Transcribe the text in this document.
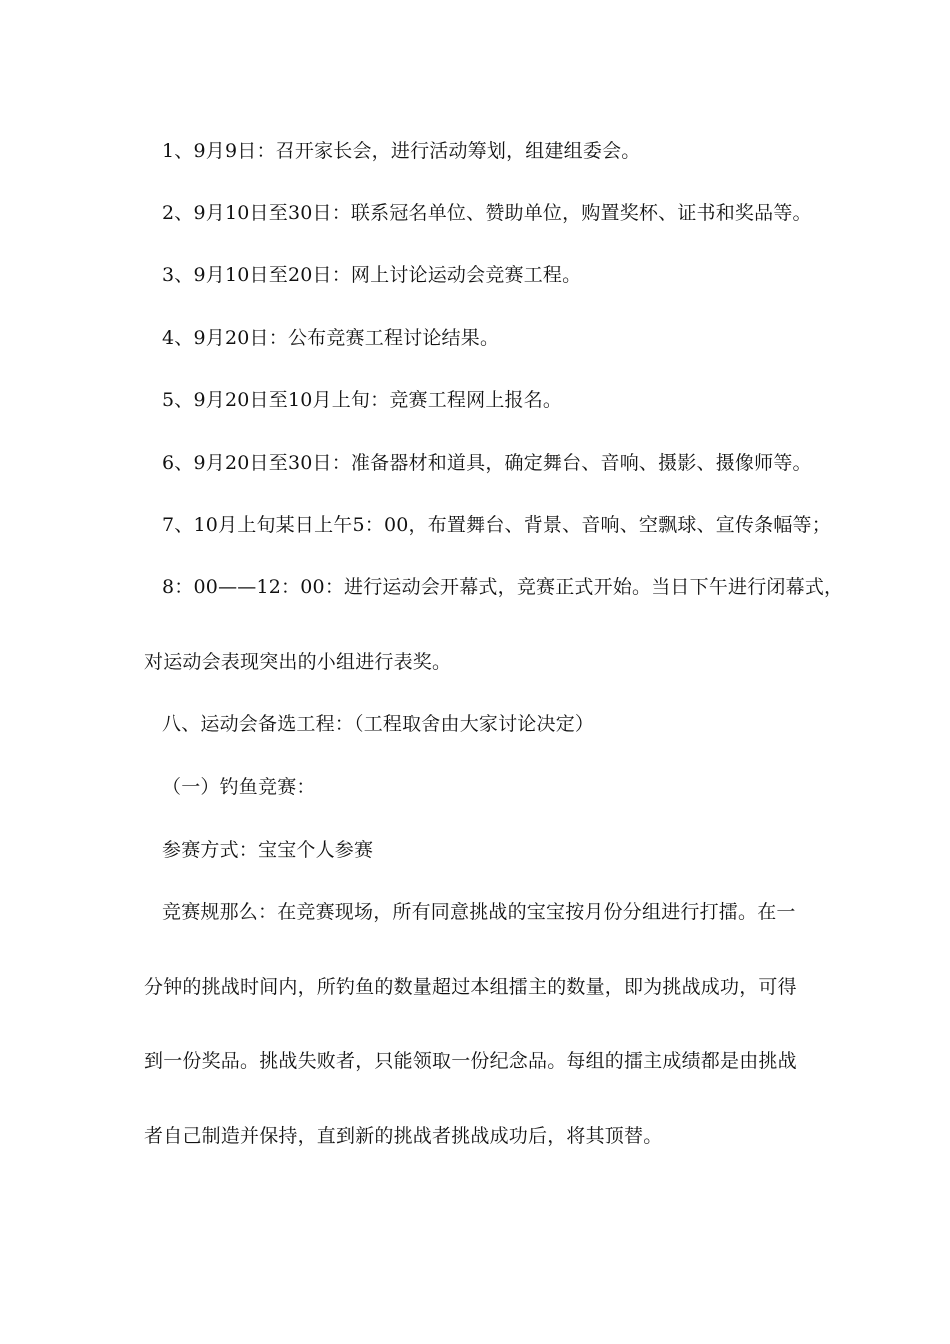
1、9月9日：召开家长会，进行活动筹划，组建组委会。
2、9月10日至30日：联系冠名单位、赞助单位，购置奖杯、证书和奖品等。
3、9月10日至20日：网上讨论运动会竞赛工程。
4、9月20日：公布竞赛工程讨论结果。
5、9月20日至10月上旬：竞赛工程网上报名。
6、9月20日至30日：准备器材和道具，确定舞台、音响、摄影、摄像师等。
7、10月上旬某日上午5：00，布置舞台、背景、音响、空飘球、宣传条幅等；
8：00——12：00：进行运动会开幕式，竞赛正式开始。当日下午进行闭幕式，
对运动会表现突出的小组进行表奖。
八、运动会备选工程：（工程取舍由大家讨论决定）
（一）钓鱼竞赛：
参赛方式：宝宝个人参赛
竞赛规那么：在竞赛现场，所有同意挑战的宝宝按月份分组进行打擂。在一
分钟的挑战时间内，所钓鱼的数量超过本组擂主的数量，即为挑战成功，可得
到一份奖品。挑战失败者，只能领取一份纪念品。每组的擂主成绩都是由挑战
者自己制造并保持，直到新的挑战者挑战成功后，将其顶替。
